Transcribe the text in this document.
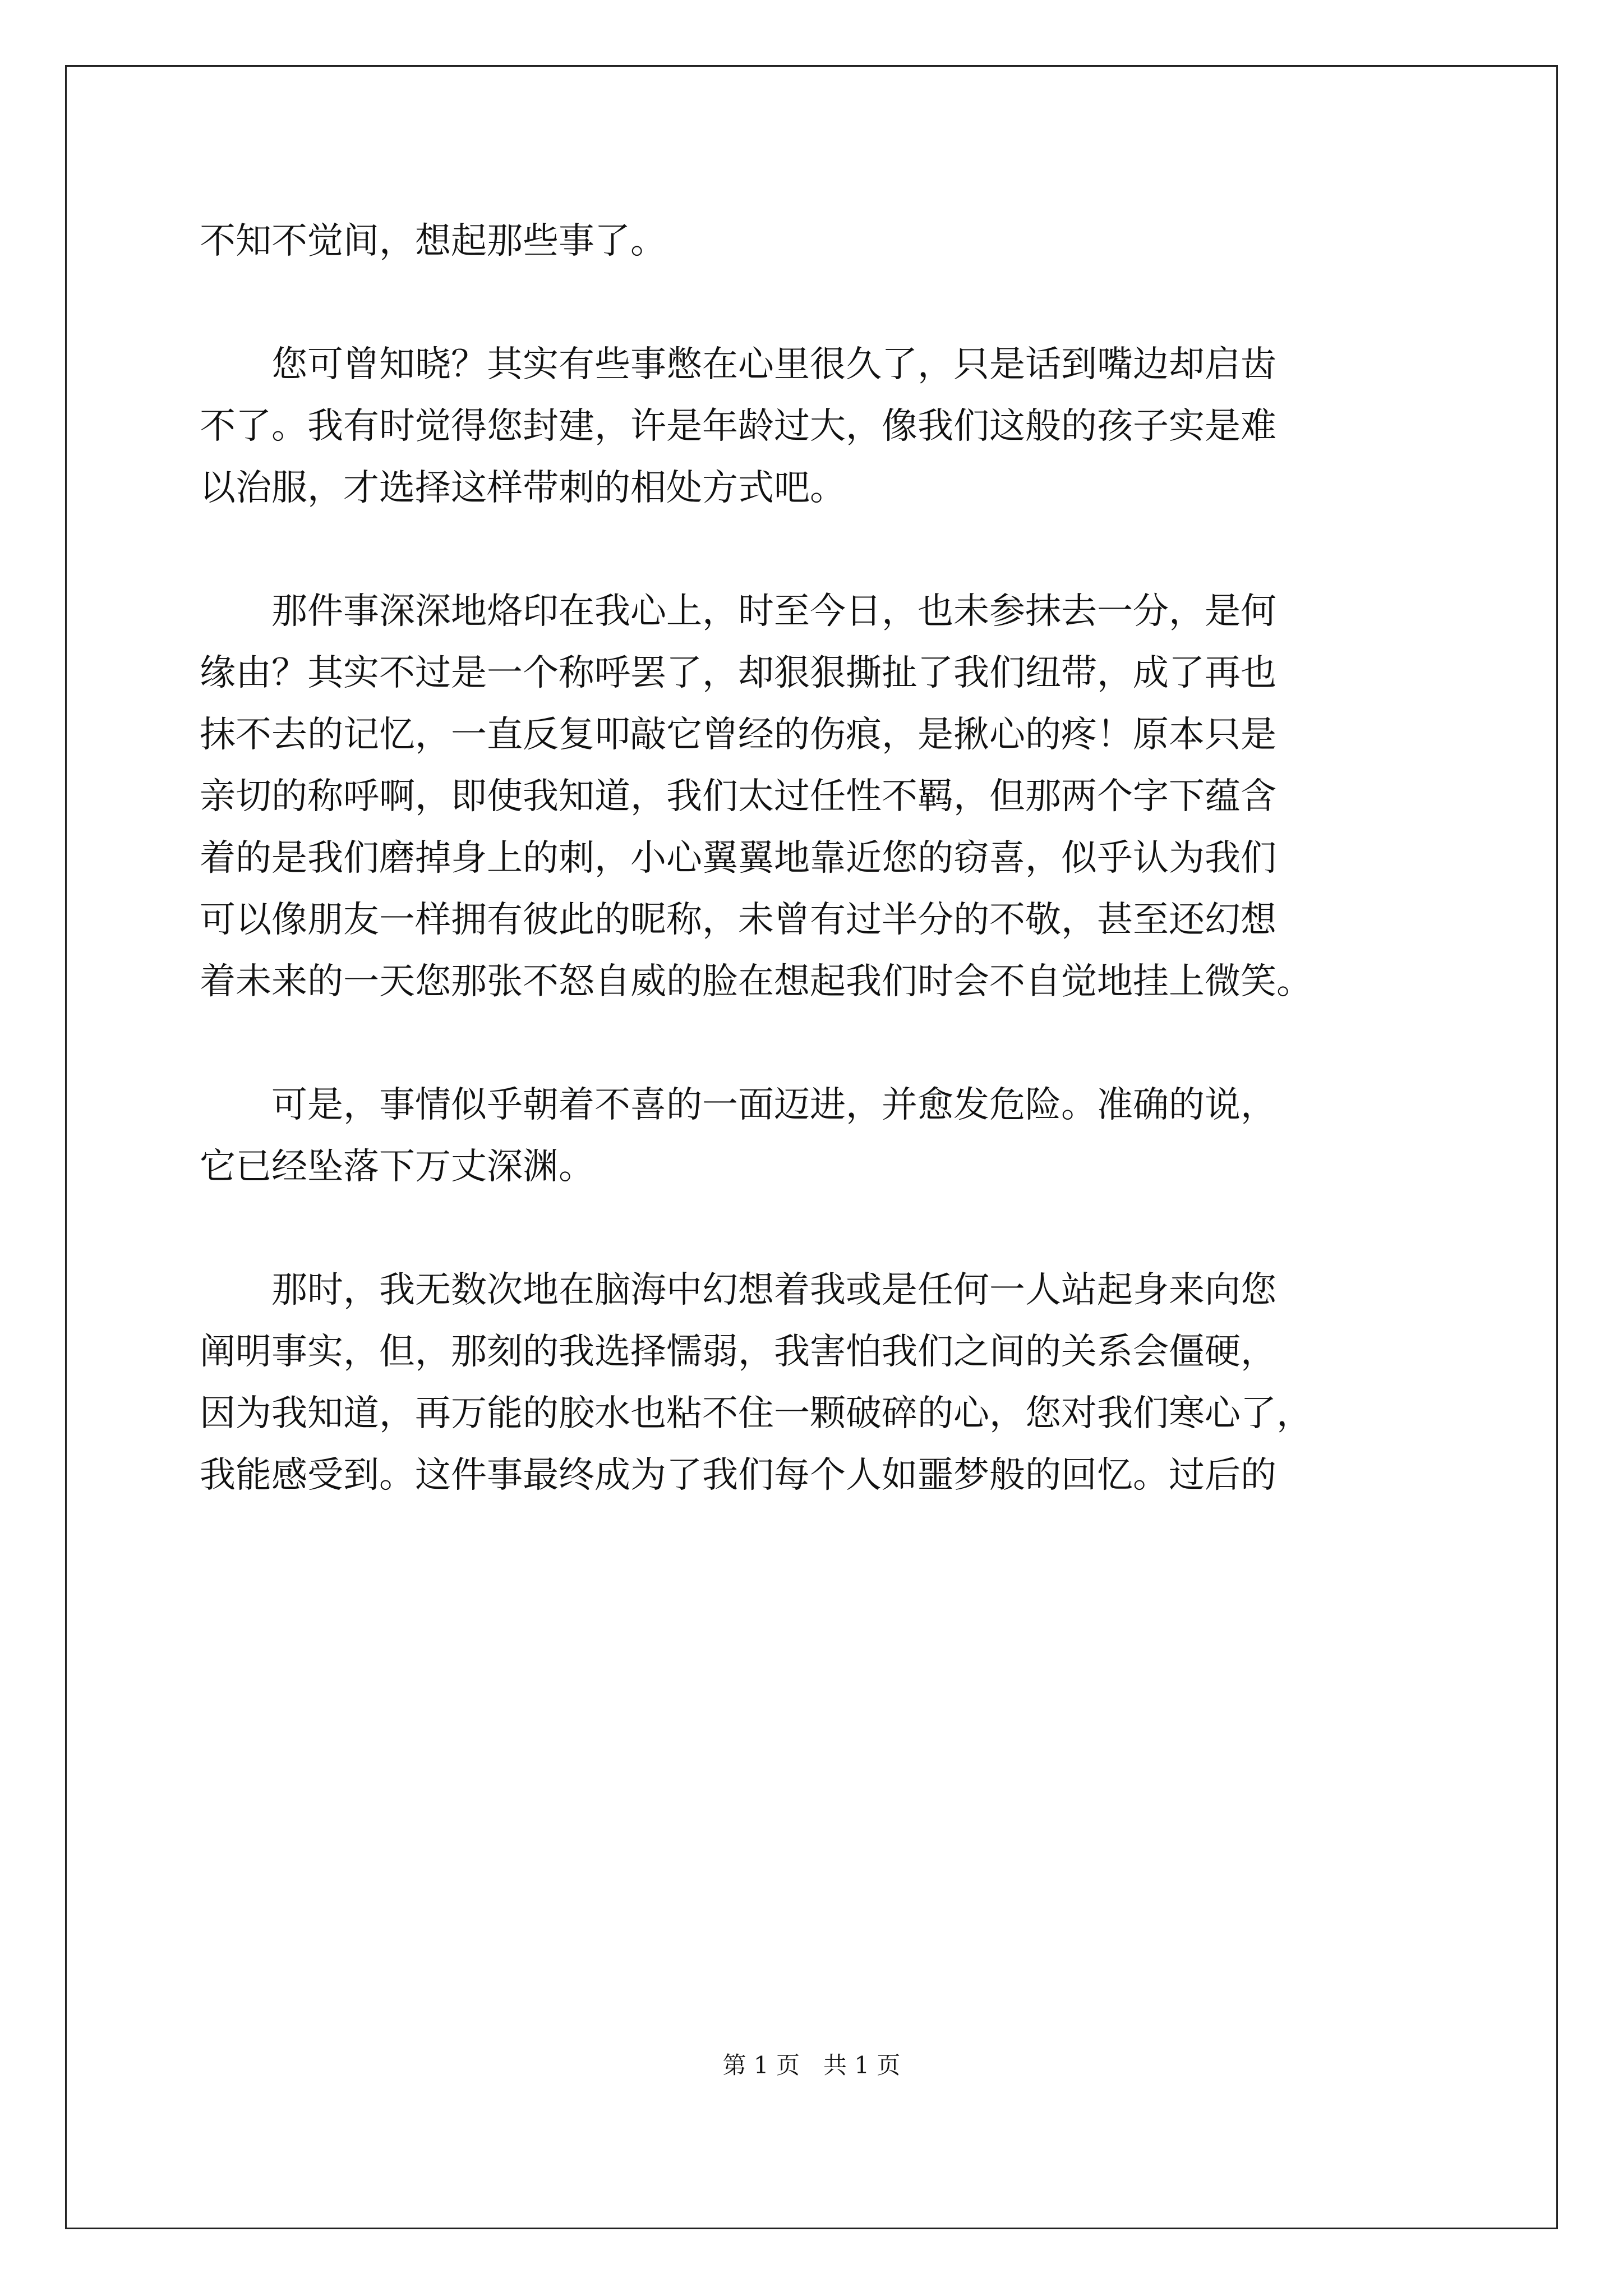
不知不觉间，想起那些事了。
　　您可曾知晓？其实有些事憋在心里很久了，只是话到嘴边却启齿
不了。我有时觉得您封建，许是年龄过大，像我们这般的孩子实是难
以治服，才选择这样带刺的相处方式吧。
　　那件事深深地烙印在我心上，时至今日，也未参抹去一分，是何
缘由？其实不过是一个称呼罢了，却狠狠撕扯了我们纽带，成了再也
抹不去的记忆，一直反复叩敲它曾经的伤痕，是揪心的疼！原本只是
亲切的称呼啊，即使我知道，我们太过任性不羁，但那两个字下蕴含
着的是我们磨掉身上的刺，小心翼翼地靠近您的窃喜，似乎认为我们
可以像朋友一样拥有彼此的昵称，未曾有过半分的不敬，甚至还幻想
着未来的一天您那张不怒自威的脸在想起我们时会不自觉地挂上微笑。
　　可是，事情似乎朝着不喜的一面迈进，并愈发危险。准确的说，
它已经坠落下万丈深渊。
　　那时，我无数次地在脑海中幻想着我或是任何一人站起身来向您
阐明事实，但，那刻的我选择懦弱，我害怕我们之间的关系会僵硬，
因为我知道，再万能的胶水也粘不住一颗破碎的心，您对我们寒心了，
我能感受到。这件事最终成为了我们每个人如噩梦般的回忆。过后的
第 1 页　共 1 页
